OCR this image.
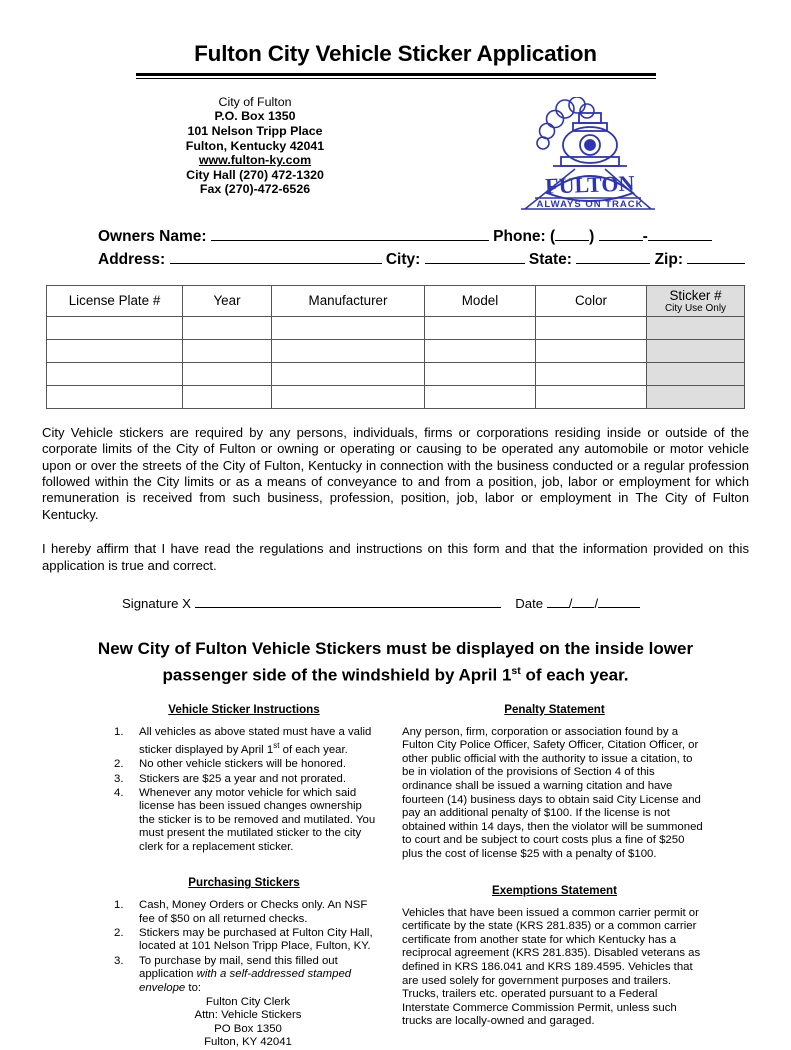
Fulton City Vehicle Sticker Application
City of Fulton
P.O. Box 1350
101 Nelson Tripp Place
Fulton, Kentucky 42041
www.fulton-ky.com
City Hall (270) 472-1320
Fax (270)-472-6526	FULTON
ALWAYS ON TRACK
Owners Name:	Phone: ( )	-
Address:	City:	State:	Zip:
License Plate #	Year	Manufacturer	Model	Color	Sticker #
City Use Only

City Vehicle stickers are required by any persons, individuals, firms or corporations residing inside or outside of the corporate limits of the City of Fulton or owning or operating or causing to be operated any automobile or motor vehicle upon or over the streets of the City of Fulton, Kentucky in connection with the business conducted or a regular profession followed within the City limits or as a means of conveyance to and from a position, job, labor or employment for which remuneration is received from such business, profession, position, job, labor or employment in The City of Fulton Kentucky.
I hereby affirm that I have read the regulations and instructions on this form and that the information provided on this application is true and correct.
Signature X	Date / /
New City of Fulton Vehicle Stickers must be displayed on the inside lower passenger side of the windshield by April 1st of each year.
Vehicle Sticker Instructions
1.	All vehicles as above stated must have a valid sticker displayed by April 1st of each year.
2.	No other vehicle stickers will be honored.
3.	Stickers are $25 a year and not prorated.
4.	Whenever any motor vehicle for which said license has been issued changes ownership the sticker is to be removed and mutilated. You must present the mutilated sticker to the city clerk for a replacement sticker.
Purchasing Stickers
1.	Cash, Money Orders or Checks only. An NSF fee of $50 on all returned checks.
2.	Stickers may be purchased at Fulton City Hall, located at 101 Nelson Tripp Place, Fulton, KY.
3.	To purchase by mail, send this filled out application with a self-addressed stamped envelope to:
Fulton City Clerk
Attn: Vehicle Stickers
PO Box 1350
Fulton, KY 42041
Penalty Statement

Any person, firm, corporation or association found by a Fulton City Police Officer, Safety Officer, Citation Officer, or other public official with the authority to issue a citation, to be in violation of the provisions of Section 4 of this ordinance shall be issued a warning citation and have fourteen (14) business days to obtain said City License and pay an additional penalty of $100. If the license is not obtained within 14 days, then the violator will be summoned to court and be subject to court costs plus a fine of $250 plus the cost of license $25 with a penalty of $100.

Exemptions Statement

Vehicles that have been issued a common carrier permit or certificate by the state (KRS 281.835) or a common carrier certificate from another state for which Kentucky has a reciprocal agreement (KRS 281.835). Disabled veterans as defined in KRS 186.041 and KRS 189.4595. Vehicles that are used solely for government purposes and trailers. Trucks, trailers etc. operated pursuant to a Federal Interstate Commerce Commission Permit, unless such trucks are locally-owned and garaged.
